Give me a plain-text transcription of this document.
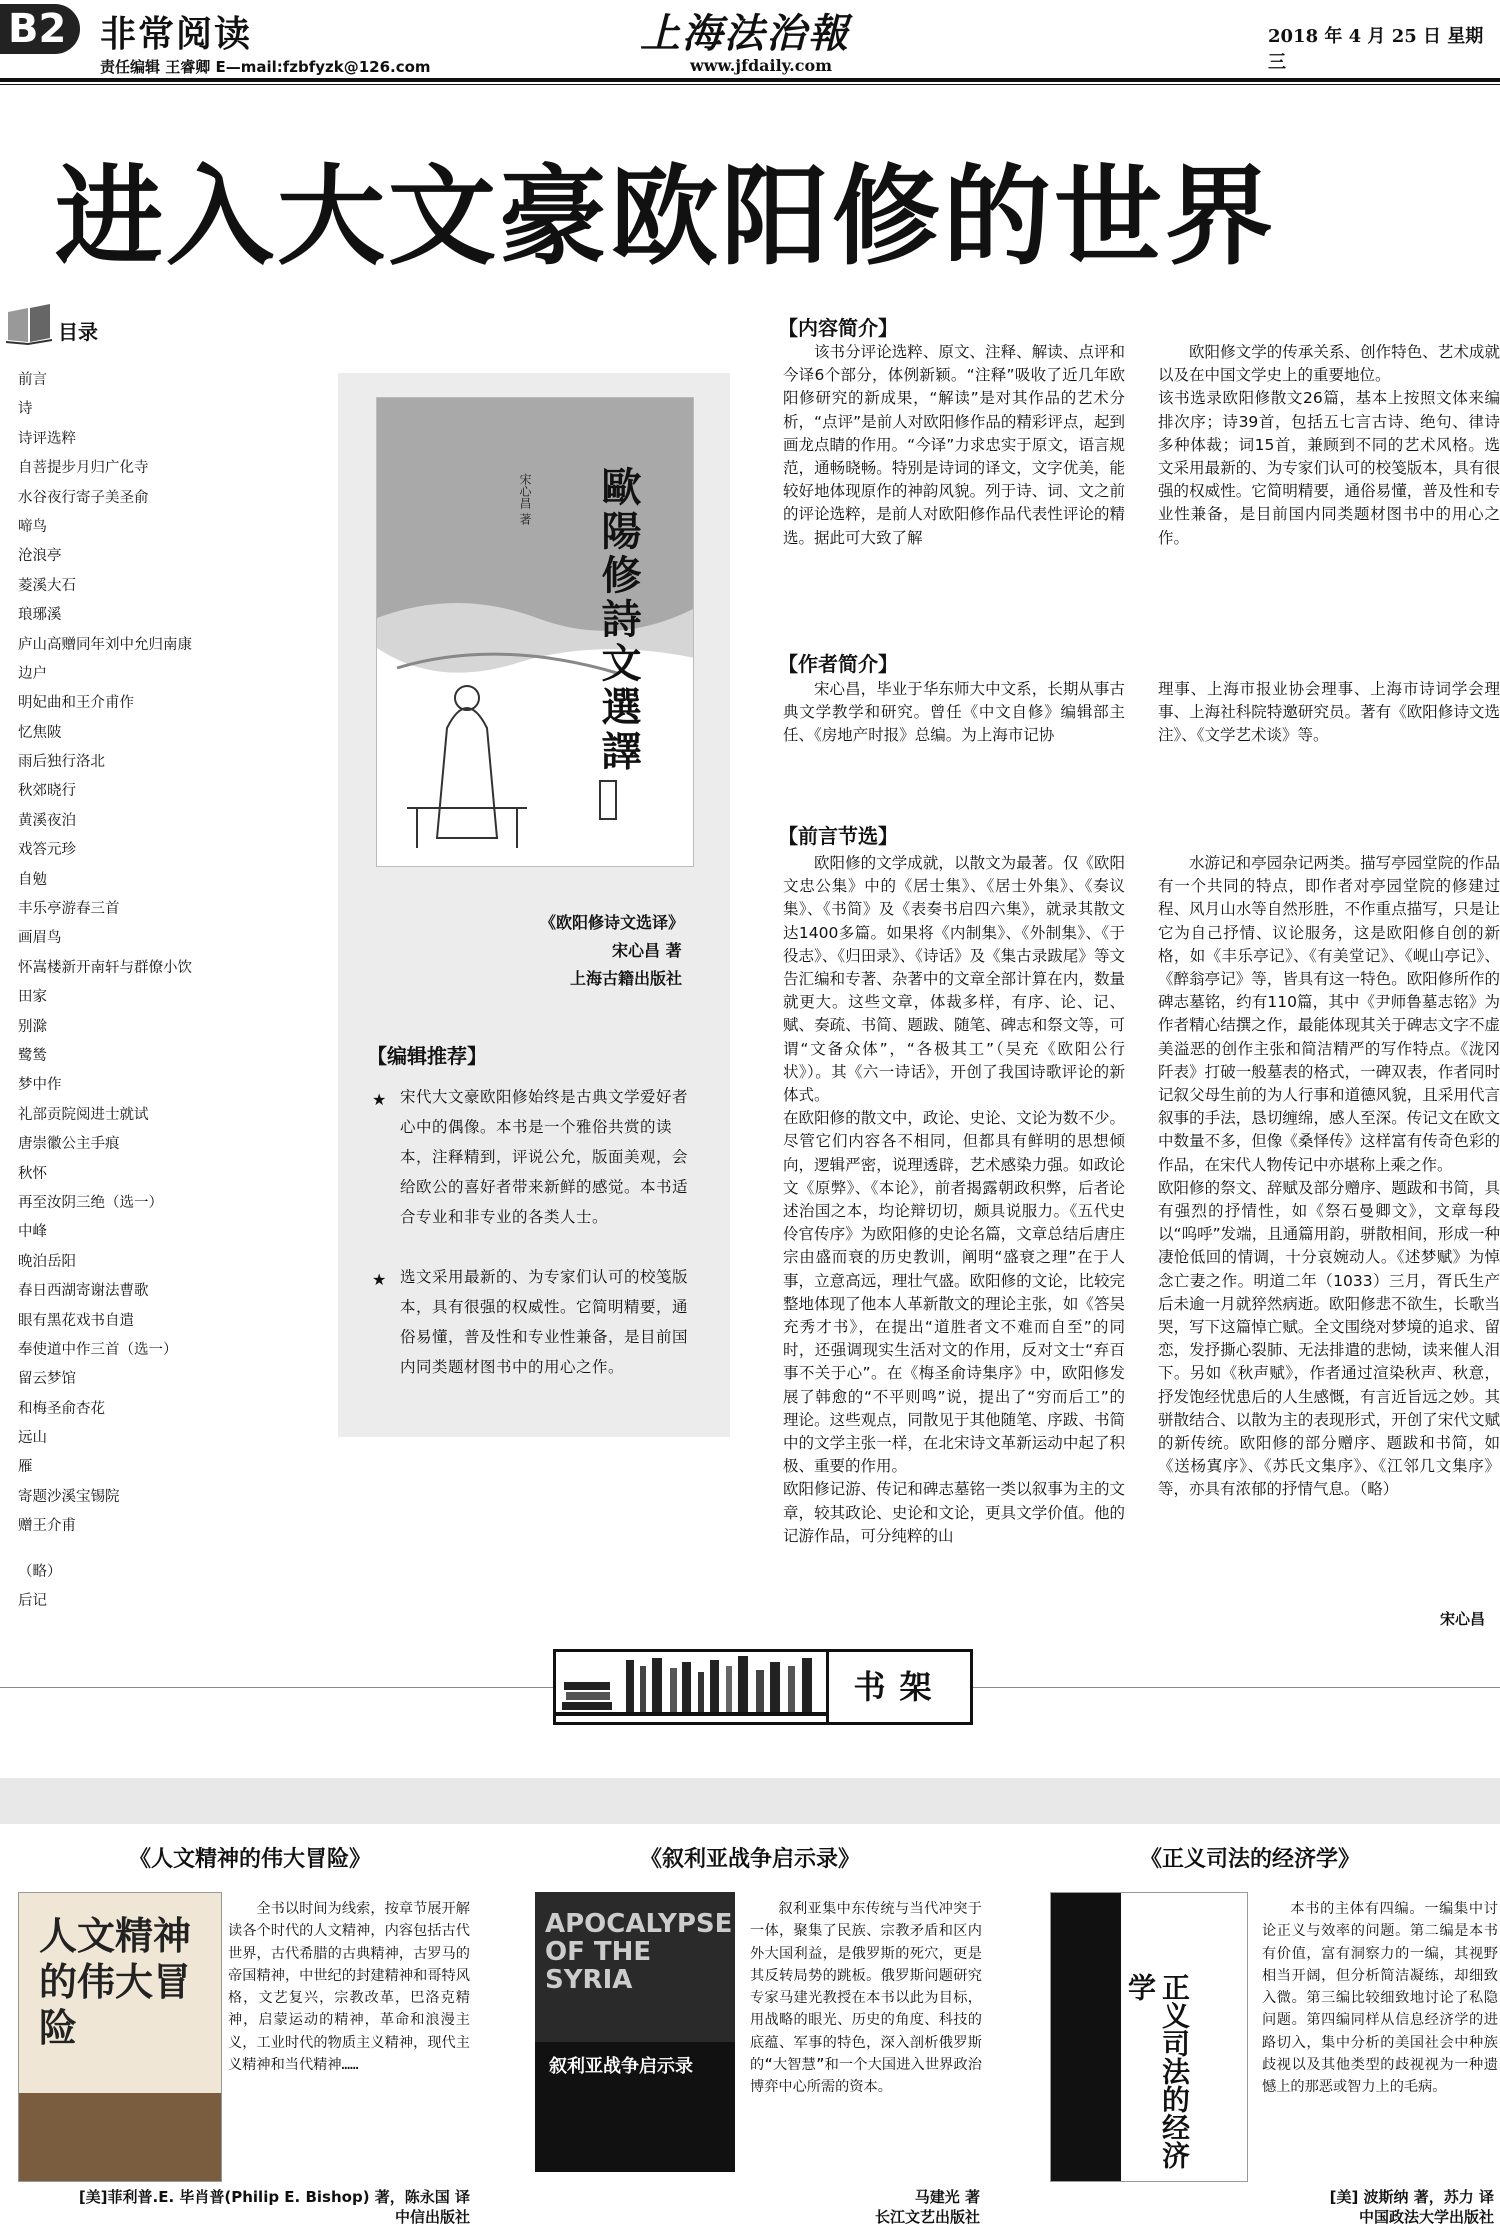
B2 非常阅读
责任编辑 王睿卿 E—mail:fzbfyzk@126.com
上海法治報
www.jfdaily.com
2018 年 4 月 25 日 星期三
进入大文豪欧阳修的世界
目录
前言
诗
诗评选粹
自菩提步月归广化寺
水谷夜行寄子美圣俞
啼鸟
沧浪亭
菱溪大石
琅琊溪
庐山高赠同年刘中允归南康
边户
明妃曲和王介甫作
忆焦陂
雨后独行洛北
秋郊晓行
黄溪夜泊
戏答元珍
自勉
丰乐亭游春三首
画眉鸟
怀嵩楼新开南轩与群僚小饮
田家
别滁
鹭鸶
梦中作
礼部贡院阅进士就试
唐崇徽公主手痕
秋怀
再至汝阴三绝（选一）
中峰
晚泊岳阳
春日西湖寄谢法曹歌
眼有黑花戏书自遣
奉使道中作三首（选一）
留云梦馆
和梅圣俞杏花
远山
雁
寄题沙溪宝锡院
赠王介甫
（略）
后记
歐陽修詩文選譯
宋心昌 著
《欧阳修诗文选译》
宋心昌 著
上海古籍出版社
【编辑推荐】
★ 宋代大文豪欧阳修始终是古典文学爱好者心中的偶像。本书是一个雅俗共赏的读本，注释精到，评说公允，版面美观，会给欧公的喜好者带来新鲜的感觉。本书适合专业和非专业的各类人士。
★ 选文采用最新的、为专家们认可的校笺版本，具有很强的权威性。它简明精要，通俗易懂，普及性和专业性兼备，是目前国内同类题材图书中的用心之作。
【内容简介】
该书分评论选粹、原文、注释、解读、点评和今译6个部分，体例新颖。“注释”吸收了近几年欧阳修研究的新成果，“解读”是对其作品的艺术分析，“点评”是前人对欧阳修作品的精彩评点，起到画龙点睛的作用。“今译”力求忠实于原文，语言规范，通畅晓畅。特别是诗词的译文，文字优美，能较好地体现原作的神韵风貌。列于诗、词、文之前的评论选粹，是前人对欧阳修作品代表性评论的精选。据此可大致了解
欧阳修文学的传承关系、创作特色、艺术成就以及在中国文学史上的重要地位。
该书选录欧阳修散文26篇，基本上按照文体来编排次序；诗39首，包括五七言古诗、绝句、律诗多种体裁；词15首，兼顾到不同的艺术风格。选文采用最新的、为专家们认可的校笺版本，具有很强的权威性。它简明精要，通俗易懂，普及性和专业性兼备，是目前国内同类题材图书中的用心之作。
【作者简介】
宋心昌，毕业于华东师大中文系，长期从事古典文学教学和研究。曾任《中文自修》编辑部主任、《房地产时报》总编。为上海市记协
理事、上海市报业协会理事、上海市诗词学会理事、上海社科院特邀研究员。著有《欧阳修诗文选注》、《文学艺术谈》等。
【前言节选】
欧阳修的文学成就，以散文为最著。仅《欧阳文忠公集》中的《居士集》、《居士外集》、《奏议集》、《书简》及《表奏书启四六集》，就录其散文达1400多篇。如果将《内制集》、《外制集》、《于役志》、《归田录》、《诗话》及《集古录跋尾》等文告汇编和专著、杂著中的文章全部计算在内，数量就更大。这些文章，体裁多样，有序、论、记、赋、奏疏、书简、题跋、随笔、碑志和祭文等，可谓“文备众体”，“各极其工”（吴充《欧阳公行状》）。其《六一诗话》，开创了我国诗歌评论的新体式。
在欧阳修的散文中，政论、史论、文论为数不少。尽管它们内容各不相同，但都具有鲜明的思想倾向，逻辑严密，说理透辟，艺术感染力强。如政论文《原弊》、《本论》，前者揭露朝政积弊，后者论述治国之本，均论辩切切，颇具说服力。《五代史伶官传序》为欧阳修的史论名篇，文章总结后唐庄宗由盛而衰的历史教训，阐明“盛衰之理”在于人事，立意高远，理壮气盛。欧阳修的文论，比较完整地体现了他本人革新散文的理论主张，如《答吴充秀才书》，在提出“道胜者文不难而自至”的同时，还强调现实生活对文的作用，反对文士“弃百事不关于心”。在《梅圣俞诗集序》中，欧阳修发展了韩愈的“不平则鸣”说，提出了“穷而后工”的理论。这些观点，同散见于其他随笔、序跋、书简中的文学主张一样，在北宋诗文革新运动中起了积极、重要的作用。
欧阳修记游、传记和碑志墓铭一类以叙事为主的文章，较其政论、史论和文论，更具文学价值。他的记游作品，可分纯粹的山
水游记和亭园杂记两类。描写亭园堂院的作品有一个共同的特点，即作者对亭园堂院的修建过程、风月山水等自然形胜，不作重点描写，只是让它为自己抒情、议论服务，这是欧阳修自创的新格，如《丰乐亭记》、《有美堂记》、《岘山亭记》、《醉翁亭记》等，皆具有这一特色。欧阳修所作的碑志墓铭，约有110篇，其中《尹师鲁墓志铭》为作者精心结撰之作，最能体现其关于碑志文字不虚美溢恶的创作主张和简洁精严的写作特点。《泷冈阡表》打破一般墓表的格式，一碑双表，作者同时记叙父母生前的为人行事和道德风貌，且采用代言叙事的手法，恳切缠绵，感人至深。传记文在欧文中数量不多，但像《桑怿传》这样富有传奇色彩的作品，在宋代人物传记中亦堪称上乘之作。
欧阳修的祭文、辞赋及部分赠序、题跋和书简，具有强烈的抒情性，如《祭石曼卿文》，文章每段以“呜呼”发端，且通篇用韵，骈散相间，形成一种凄怆低回的情调，十分哀婉动人。《述梦赋》为悼念亡妻之作。明道二年（1033）三月，胥氏生产后未逾一月就猝然病逝。欧阳修悲不欲生，长歌当哭，写下这篇悼亡赋。全文围绕对梦境的追求、留恋，发抒撕心裂肺、无法排遣的悲恸，读来催人泪下。另如《秋声赋》，作者通过渲染秋声、秋意，抒发饱经忧患后的人生感慨，有言近旨远之妙。其骈散结合、以散为主的表现形式，开创了宋代文赋的新传统。欧阳修的部分赠序、题跋和书简，如《送杨寘序》、《苏氏文集序》、《江邻几文集序》等，亦具有浓郁的抒情气息。（略）
宋心昌
书架
《人文精神的伟大冒险》
人文精神的伟大冒险
全书以时间为线索，按章节展开解读各个时代的人文精神，内容包括古代世界，古代希腊的古典精神，古罗马的帝国精神，中世纪的封建精神和哥特风格，文艺复兴，宗教改革，巴洛克精神，启蒙运动的精神，革命和浪漫主义，工业时代的物质主义精神，现代主义精神和当代精神……
[美]菲利普.E. 毕肖普(Philip E. Bishop) 著，陈永国 译
中信出版社
《叙利亚战争启示录》
APOCALYPSE OF THE SYRIA
叙利亚战争启示录
叙利亚集中东传统与当代冲突于一体，聚集了民族、宗教矛盾和区内外大国利益，是俄罗斯的死穴，更是其反转局势的跳板。俄罗斯问题研究专家马建光教授在本书以此为目标，用战略的眼光、历史的角度、科技的底蕴、军事的特色，深入剖析俄罗斯的“大智慧”和一个大国进入世界政治博弈中心所需的资本。
马建光 著
长江文艺出版社
《正义司法的经济学》
正义司法的经济学
本书的主体有四编。一编集中讨论正义与效率的问题。第二编是本书有价值，富有洞察力的一编，其视野相当开阔，但分析简洁凝练，却细致入微。第三编比较细致地讨论了私隐问题。第四编同样从信息经济学的进路切入，集中分析的美国社会中种族歧视以及其他类型的歧视视为一种遗憾上的那恶或智力上的毛病。
[美] 波斯纳 著，苏力 译
中国政法大学出版社
